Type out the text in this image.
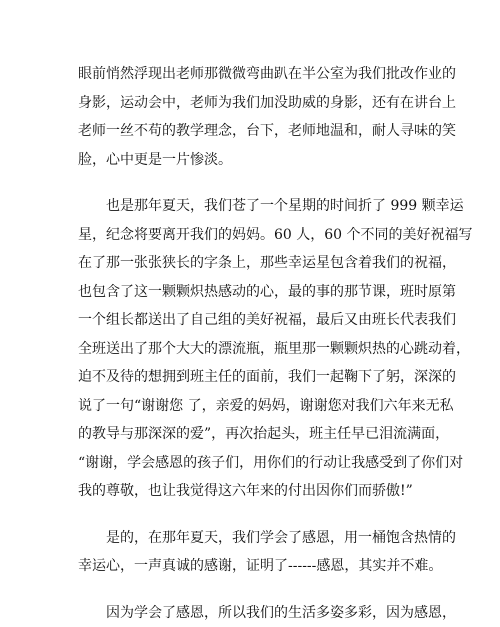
眼前悄然浮现出老师那微微弯曲趴在半公室为我们批改作业的
身影，运动会中，老师为我们加没助威的身影，还有在讲台上
老师一丝不苟的教学理念，台下，老师地温和，耐人寻味的笑
脸，心中更是一片惨淡。
也是那年夏天，我们苍了一个星期的时间折了 999 颗幸运
星，纪念将要离开我们的妈妈。60 人，60 个不同的美好祝福写
在了那一张张狭长的字条上，那些幸运星包含着我们的祝福，
也包含了这一颗颗炽热感动的心，最的事的那节课，班时原第
一个组长都送出了自己组的美好祝福，最后又由班长代表我们
全班送出了那个大大的漂流瓶，瓶里那一颗颗炽热的心跳动着，
迫不及待的想拥到班主任的面前，我们一起鞠下了躬，深深的
说了一句“谢谢您 了，亲爱的妈妈，谢谢您对我们六年来无私
的教导与那深深的爱”，再次抬起头，班主任早已泪流满面，
“谢谢，学会感恩的孩子们，用你们的行动让我感受到了你们对
我的尊敬，也让我觉得这六年来的付出因你们而骄傲!”
是的，在那年夏天，我们学会了感恩，用一桶饱含热情的
幸运心，一声真诚的感谢，证明了------感恩，其实并不难。
因为学会了感恩，所以我们的生活多姿多彩，因为感恩，
